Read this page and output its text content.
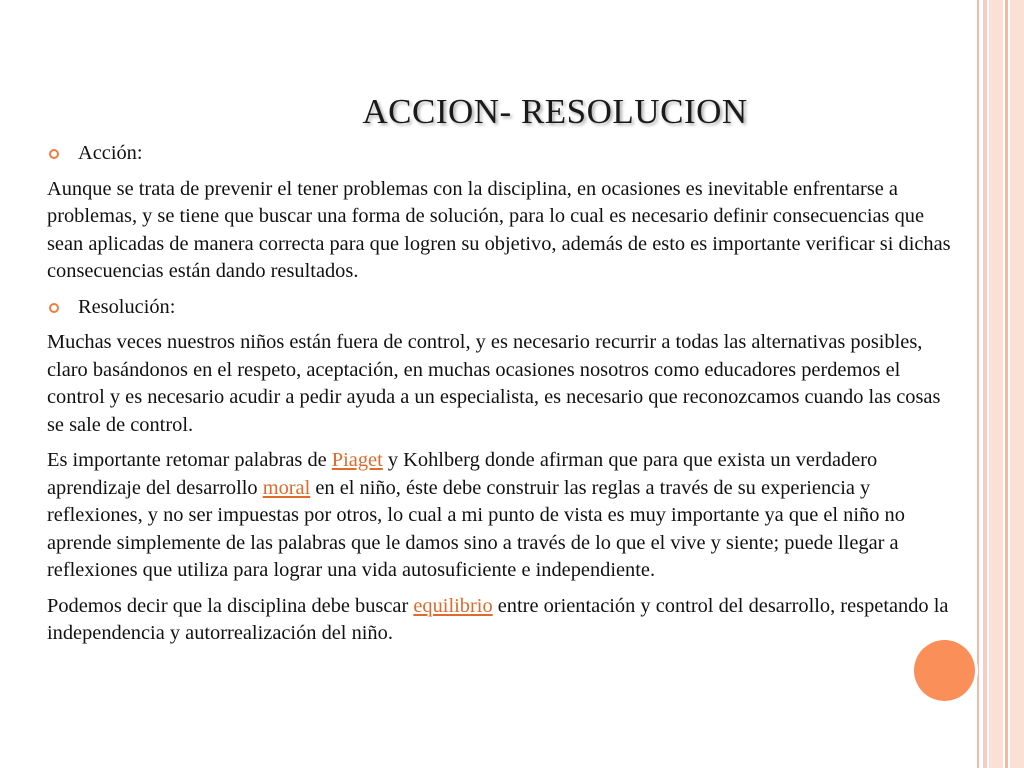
ACCION- RESOLUCION

Acción:

Aunque se trata de prevenir el tener problemas con la disciplina, en ocasiones es inevitable enfrentarse a problemas, y se tiene que buscar una forma de solución, para lo cual es necesario definir consecuencias que sean aplicadas de manera correcta para que logren su objetivo, además de esto es importante verificar si dichas consecuencias están dando resultados.

Resolución:

Muchas veces nuestros niños están fuera de control, y es necesario recurrir a todas las alternativas posibles, claro basándonos en el respeto, aceptación, en muchas ocasiones nosotros como educadores perdemos el control y es necesario acudir a pedir ayuda a un especialista, es necesario que reconozcamos cuando las cosas se sale de control.

Es importante retomar palabras de Piaget y Kohlberg donde afirman que para que exista un verdadero aprendizaje del desarrollo moral en el niño, éste debe construir las reglas a través de su experiencia y reflexiones, y no ser impuestas por otros, lo cual a mi punto de vista es muy importante ya que el niño no aprende simplemente de las palabras que le damos sino a través de lo que el vive y siente; puede llegar a reflexiones que utiliza para lograr una vida autosuficiente e independiente.

Podemos decir que la disciplina debe buscar equilibrio entre orientación y control del desarrollo, respetando la independencia y autorrealización del niño.
